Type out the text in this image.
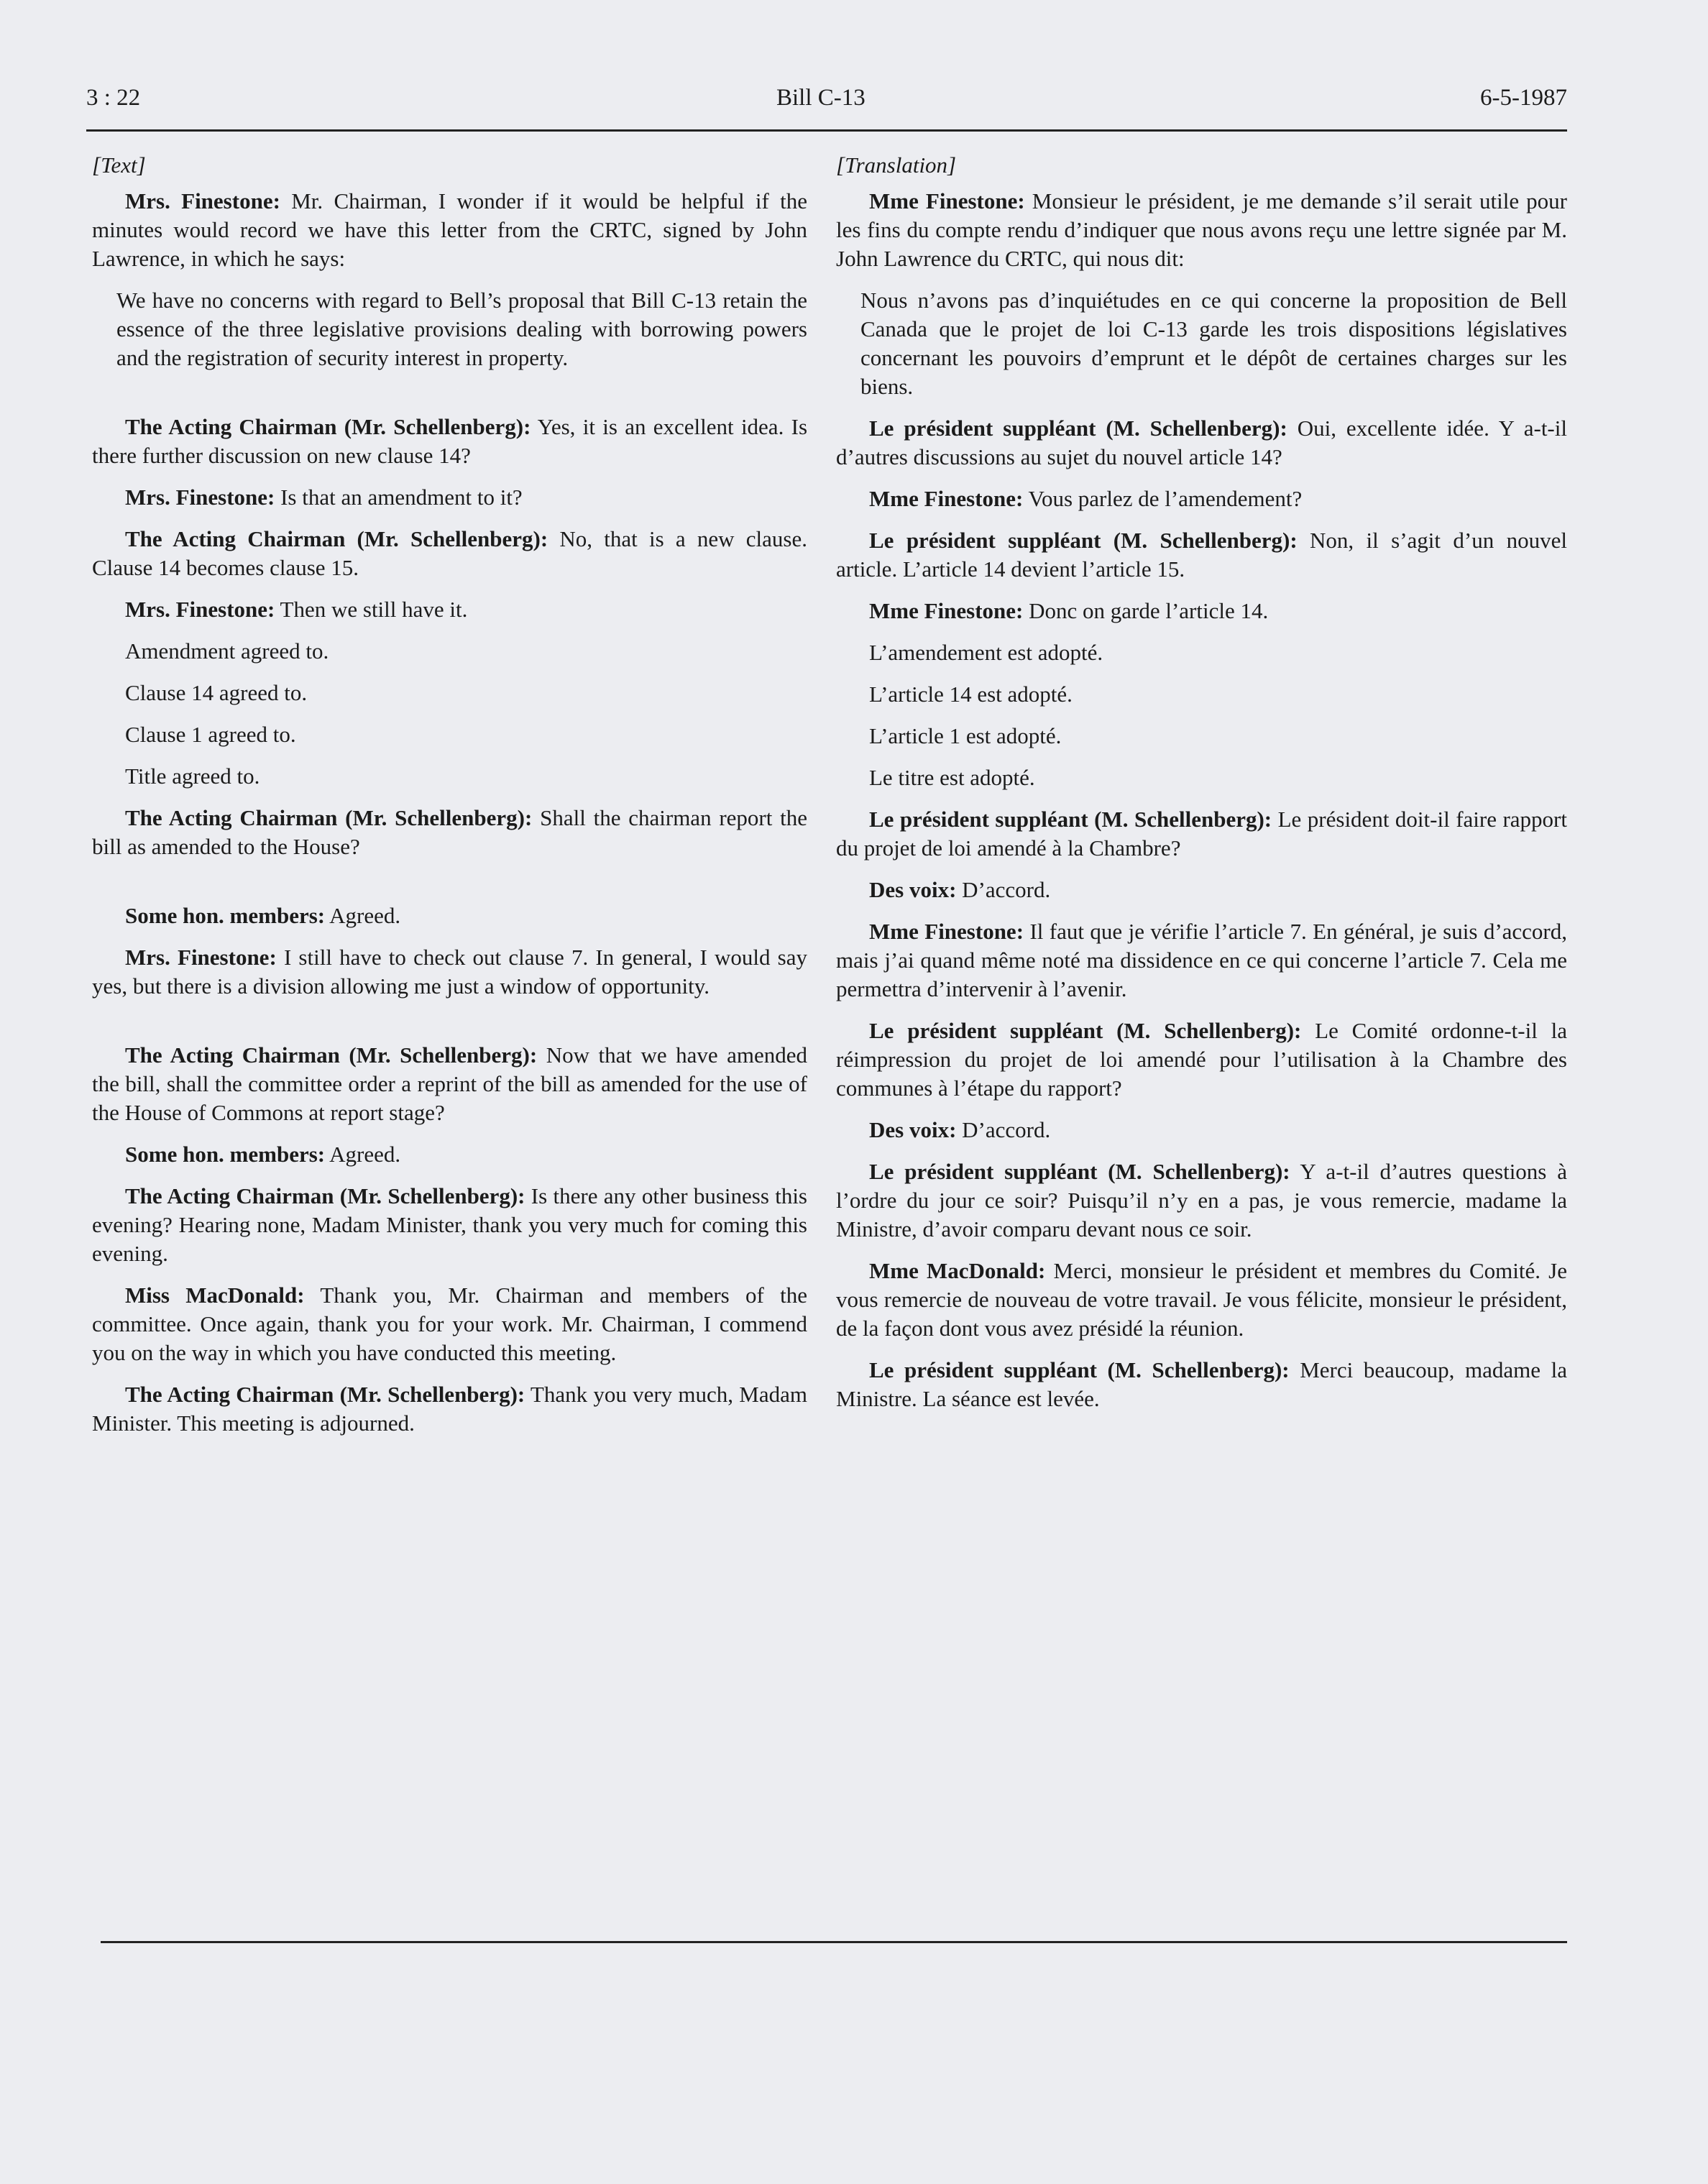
3 : 22	Bill C-13	6-5-1987
[Text]

Mrs. Finestone: Mr. Chairman, I wonder if it would be helpful if the minutes would record we have this letter from the CRTC, signed by John Lawrence, in which he says:

We have no concerns with regard to Bell’s proposal that Bill C-13 retain the essence of the three legislative provisions dealing with borrowing powers and the registration of security interest in property.

The Acting Chairman (Mr. Schellenberg): Yes, it is an excellent idea. Is there further discussion on new clause 14?

Mrs. Finestone: Is that an amendment to it?

The Acting Chairman (Mr. Schellenberg): No, that is a new clause. Clause 14 becomes clause 15.

Mrs. Finestone: Then we still have it.

Amendment agreed to.

Clause 14 agreed to.

Clause 1 agreed to.

Title agreed to.

The Acting Chairman (Mr. Schellenberg): Shall the chairman report the bill as amended to the House?

Some hon. members: Agreed.

Mrs. Finestone: I still have to check out clause 7. In general, I would say yes, but there is a division allowing me just a window of opportunity.

The Acting Chairman (Mr. Schellenberg): Now that we have amended the bill, shall the committee order a reprint of the bill as amended for the use of the House of Commons at report stage?

Some hon. members: Agreed.

The Acting Chairman (Mr. Schellenberg): Is there any other business this evening? Hearing none, Madam Minister, thank you very much for coming this evening.

Miss MacDonald: Thank you, Mr. Chairman and members of the committee. Once again, thank you for your work. Mr. Chairman, I commend you on the way in which you have conducted this meeting.

The Acting Chairman (Mr. Schellenberg): Thank you very much, Madam Minister. This meeting is adjourned.

[Translation]

Mme Finestone: Monsieur le président, je me demande s’il serait utile pour les fins du compte rendu d’indiquer que nous avons reçu une lettre signée par M. John Lawrence du CRTC, qui nous dit:

Nous n’avons pas d’inquiétudes en ce qui concerne la proposition de Bell Canada que le projet de loi C-13 garde les trois dispositions législatives concernant les pouvoirs d’emprunt et le dépôt de certaines charges sur les biens.

Le président suppléant (M. Schellenberg): Oui, excellente idée. Y a-t-il d’autres discussions au sujet du nouvel article 14?

Mme Finestone: Vous parlez de l’amendement?

Le président suppléant (M. Schellenberg): Non, il s’agit d’un nouvel article. L’article 14 devient l’article 15.

Mme Finestone: Donc on garde l’article 14.

L’amendement est adopté.

L’article 14 est adopté.

L’article 1 est adopté.

Le titre est adopté.

Le président suppléant (M. Schellenberg): Le président doit-il faire rapport du projet de loi amendé à la Chambre?

Des voix: D’accord.

Mme Finestone: Il faut que je vérifie l’article 7. En général, je suis d’accord, mais j’ai quand même noté ma dissidence en ce qui concerne l’article 7. Cela me permettra d’intervenir à l’avenir.

Le président suppléant (M. Schellenberg): Le Comité ordonne-t-il la réimpression du projet de loi amendé pour l’utilisation à la Chambre des communes à l’étape du rapport?

Des voix: D’accord.

Le président suppléant (M. Schellenberg): Y a-t-il d’autres questions à l’ordre du jour ce soir? Puisqu’il n’y en a pas, je vous remercie, madame la Ministre, d’avoir comparu devant nous ce soir.

Mme MacDonald: Merci, monsieur le président et membres du Comité. Je vous remercie de nouveau de votre travail. Je vous félicite, monsieur le président, de la façon dont vous avez présidé la réunion.

Le président suppléant (M. Schellenberg): Merci beaucoup, madame la Ministre. La séance est levée.
